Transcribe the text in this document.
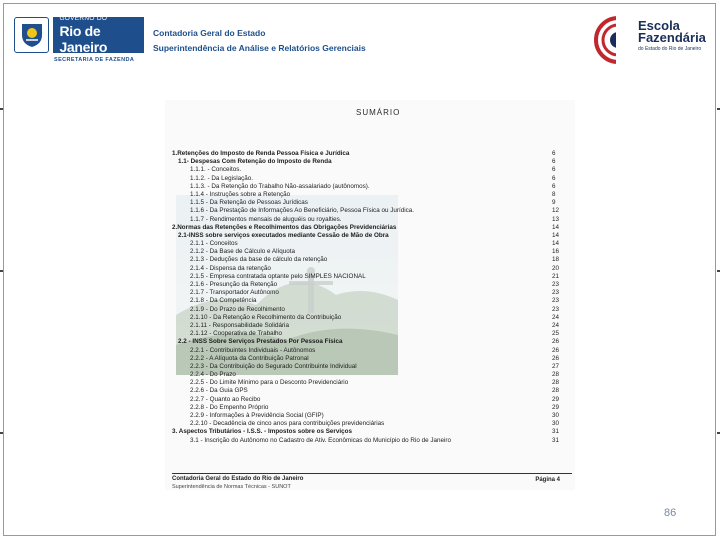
GOVERNO DO
Rio de Janeiro
SECRETARIA DE FAZENDA
Contadoria Geral do Estado
Superintendência de Análise e Relatórios Gerenciais
Escola
Fazendária
do Estado do Rio de Janeiro
SUMÁRIO
1.Retenções do Imposto de Renda Pessoa Física e Jurídica	6
1.1- Despesas Com Retenção do Imposto de Renda	6
1.1.1. - Conceitos.	6
1.1.2. - Da Legislação.	6
1.1.3. - Da Retenção do Trabalho Não-assalariado (autônomos).	6
1.1.4 - Instruções sobre a Retenção	8
1.1.5 - Da Retenção de Pessoas Jurídicas	9
1.1.6 - Da Prestação de Informações Ao Beneficiário, Pessoa Física ou Jurídica.	12
1.1.7 - Rendimentos mensais de aluguéis ou royalties.	13
2.Normas das Retenções e Recolhimentos das Obrigações Previdenciárias	14
2.1-INSS sobre serviços executados mediante Cessão de Mão de Obra	14
2.1.1 - Conceitos	14
2.1.2 - Da Base de Cálculo e Alíquota	16
2.1.3 - Deduções da base de cálculo da retenção	18
2.1.4 - Dispensa da retenção	20
2.1.5 - Empresa contratada optante pelo SIMPLES NACIONAL	21
2.1.6 - Presunção da Retenção	23
2.1.7 - Transportador Autônomo	23
2.1.8 - Da Competência	23
2.1.9 - Do Prazo de Recolhimento	23
2.1.10 - Da Retenção e Recolhimento da Contribuição	24
2.1.11 - Responsabilidade Solidária	24
2.1.12 - Cooperativa de Trabalho	25
2.2 - INSS Sobre Serviços Prestados Por Pessoa Física	26
2.2.1 - Contribuintes Individuais - Autônomos	26
2.2.2 - A Alíquota da Contribuição Patronal	26
2.2.3 - Da Contribuição do Segurado Contribuinte Individual	27
2.2.4 - Do Prazo	28
2.2.5 - Do Limite Mínimo para o Desconto Previdenciário	28
2.2.6 - Da Guia GPS	28
2.2.7 - Quanto ao Recibo	29
2.2.8 - Do Empenho Próprio	29
2.2.9 - Informações à Previdência Social (GFIP)	30
2.2.10 - Decadência de cinco anos para contribuições previdenciárias	30
3. Aspectos Tributários - I.S.S. - Impostos sobre os Serviços	31
3.1 - Inscrição do Autônomo no Cadastro de Ativ. Econômicas do Município do Rio de Janeiro	31
Contadoria Geral do Estado do Rio de Janeiro
Superintendência de Normas Técnicas - SUNOT
Página 4
86
